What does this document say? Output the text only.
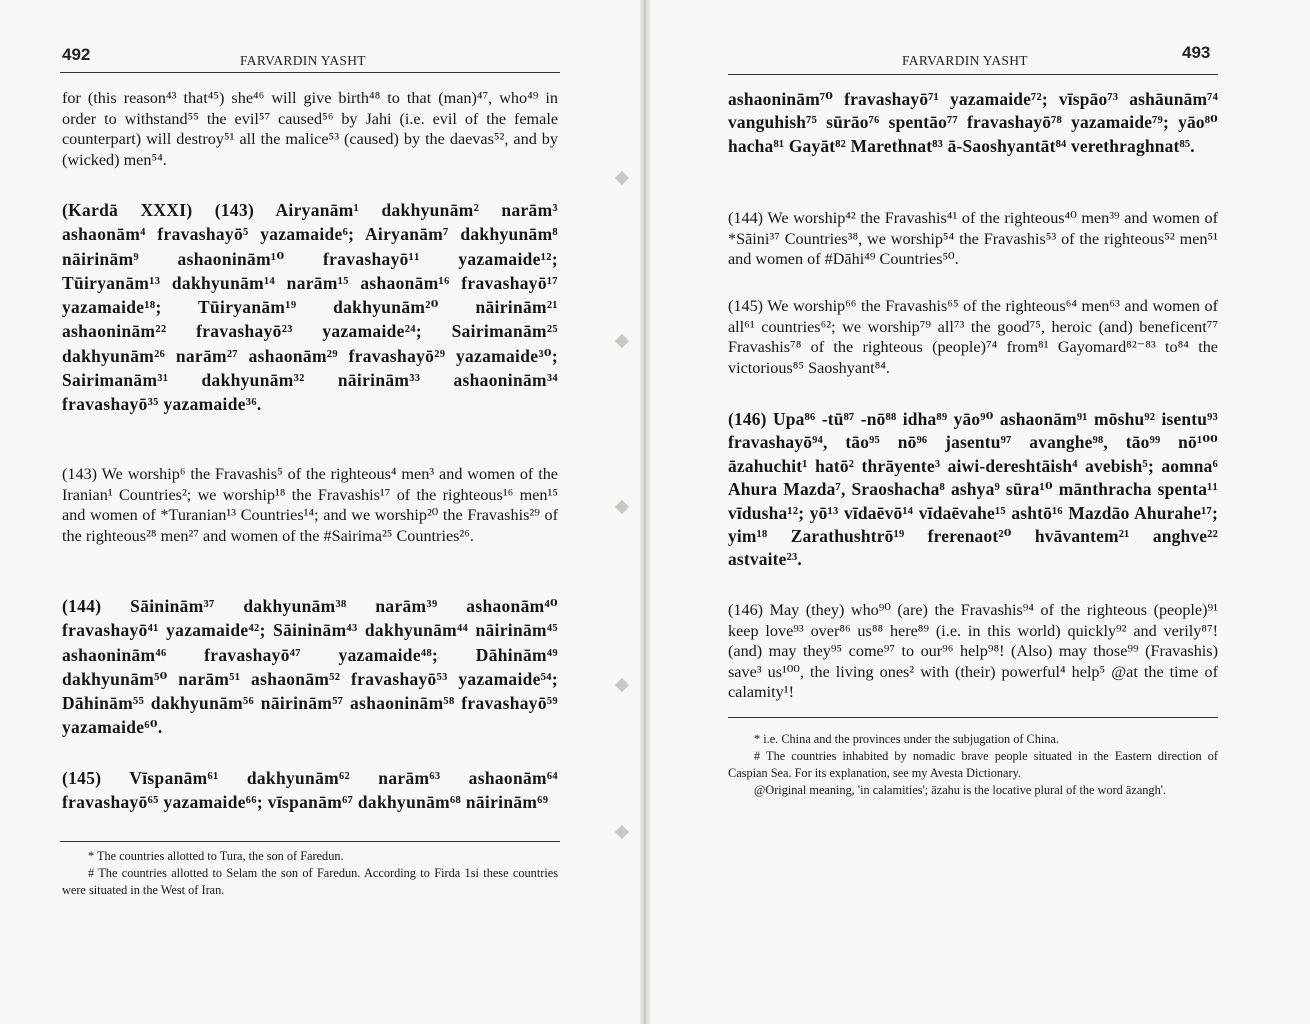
492	FARVARDIN YASHT

for (this reason⁴³ that⁴⁵) she⁴⁶ will give birth⁴⁸ to that (man)⁴⁷, who⁴⁹ in order to withstand⁵⁵ the evil⁵⁷ caused⁵⁶ by Jahi (i.e. evil of the female counterpart) will destroy⁵¹ all the malice⁵³ (caused) by the daevas⁵², and by (wicked) men⁵⁴.

(Kardā XXXI) (143) Airyanām¹ dakhyunām² narām³ ashaonām⁴ fravashayō⁵ yazamaide⁶; Airyanām⁷ dakhyunām⁸ nāirinām⁹ ashaoninām¹⁰ fravashayō¹¹ yazamaide¹²; Tūiryanām¹³ dakhyunām¹⁴ narām¹⁵ ashaonām¹⁶ fravashayō¹⁷ yazamaide¹⁸; Tūiryanām¹⁹ dakhyunām²⁰ nāirinām²¹ ashaoninām²² fravashayō²³ yazamaide²⁴; Sairimanām²⁵ dakhyunām²⁶ narām²⁷ ashaonām²⁹ fravashayō²⁹ yazamaide³⁰; Sairimanām³¹ dakhyunām³² nāirinām³³ ashaoninām³⁴ fravashayō³⁵ yazamaide³⁶.

(143) We worship⁶ the Fravashis⁵ of the righteous⁴ men³ and women of the Iranian¹ Countries²; we worship¹⁸ the Fravashis¹⁷ of the righteous¹⁶ men¹⁵ and women of *Turanian¹³ Countries¹⁴; and we worship²⁰ the Fravashis²⁹ of the righteous²⁸ men²⁷ and women of the #Sairima²⁵ Countries²⁶.

(144) Sāininām³⁷ dakhyunām³⁸ narām³⁹ ashaonām⁴⁰ fravashayō⁴¹ yazamaide⁴²; Sāininām⁴³ dakhyunām⁴⁴ nāirinām⁴⁵ ashaoninām⁴⁶ fravashayō⁴⁷ yazamaide⁴⁸; Dāhinām⁴⁹ dakhyunām⁵⁰ narām⁵¹ ashaonām⁵² fravashayō⁵³ yazamaide⁵⁴; Dāhinām⁵⁵ dakhyunām⁵⁶ nāirinām⁵⁷ ashaoninām⁵⁸ fravashayō⁵⁹ yazamaide⁶⁰.

(145) Vīspanām⁶¹ dakhyunām⁶² narām⁶³ ashaonām⁶⁴ fravashayō⁶⁵ yazamaide⁶⁶; vīspanām⁶⁷ dakhyunām⁶⁸ nāirinām⁶⁹

* The countries allotted to Tura, the son of Faredun.
# The countries allotted to Selam the son of Faredun. According to Firda 1si these countries were situated in the West of Iran.
FARVARDIN YASHT	493

ashaoninām⁷⁰ fravashayō⁷¹ yazamaide⁷²; vīspāo⁷³ ashāunām⁷⁴ vanguhish⁷⁵ sūrāo⁷⁶ spentāo⁷⁷ fravashayō⁷⁸ yazamaide⁷⁹; yāo⁸⁰ hacha⁸¹ Gayāt⁸² Marethnat⁸³ ā-Saoshyantāt⁸⁴ verethraghnat⁸⁵.

(144) We worship⁴² the Fravashis⁴¹ of the righteous⁴⁰ men³⁹ and women of *Sāini³⁷ Countries³⁸, we worship⁵⁴ the Fravashis⁵³ of the righteous⁵² men⁵¹ and women of #Dāhi⁴⁹ Countries⁵⁰.

(145) We worship⁶⁶ the Fravashis⁶⁵ of the righteous⁶⁴ men⁶³ and women of all⁶¹ countries⁶²; we worship⁷⁹ all⁷³ the good⁷⁵, heroic (and) beneficent⁷⁷ Fravashis⁷⁸ of the righteous (people)⁷⁴ from⁸¹ Gayomard⁸²⁻⁸³ to⁸⁴ the victorious⁸⁵ Saoshyant⁸⁴.

(146) Upa⁸⁶ -tū⁸⁷ -nō⁸⁸ idha⁸⁹ yāo⁹⁰ ashaonām⁹¹ mōshu⁹² isentu⁹³ fravashayō⁹⁴, tāo⁹⁵ nō⁹⁶ jasentu⁹⁷ avanghe⁹⁸, tāo⁹⁹ nō¹⁰⁰ āzahuchit¹ hatō² thrāyente³ aiwi-dereshtāish⁴ avebish⁵; aomna⁶ Ahura Mazda⁷, Sraoshacha⁸ ashya⁹ sūra¹⁰ mānthracha spenta¹¹ vīdusha¹²; yō¹³ vīdaēvō¹⁴ vīdaēvahe¹⁵ ashtō¹⁶ Mazdāo Ahurahe¹⁷; yim¹⁸ Zarathushtrō¹⁹ frerenaot²⁰ hvāvantem²¹ anghve²² astvaite²³.

(146) May (they) who⁹⁰ (are) the Fravashis⁹⁴ of the righteous (people)⁹¹ keep love⁹³ over⁸⁶ us⁸⁸ here⁸⁹ (i.e. in this world) quickly⁹² and verily⁸⁷! (and) may they⁹⁵ come⁹⁷ to our⁹⁶ help⁹⁸! (Also) may those⁹⁹ (Fravashis) save³ us¹⁰⁰, the living ones² with (their) powerful⁴ help⁵ @at the time of calamity¹!

* i.e. China and the provinces under the subjugation of China.
# The countries inhabited by nomadic brave people situated in the Eastern direction of Caspian Sea. For its explanation, see my Avesta Dictionary.
@Original meaning, 'in calamities'; āzahu is the locative plural of the word āzangh'.
